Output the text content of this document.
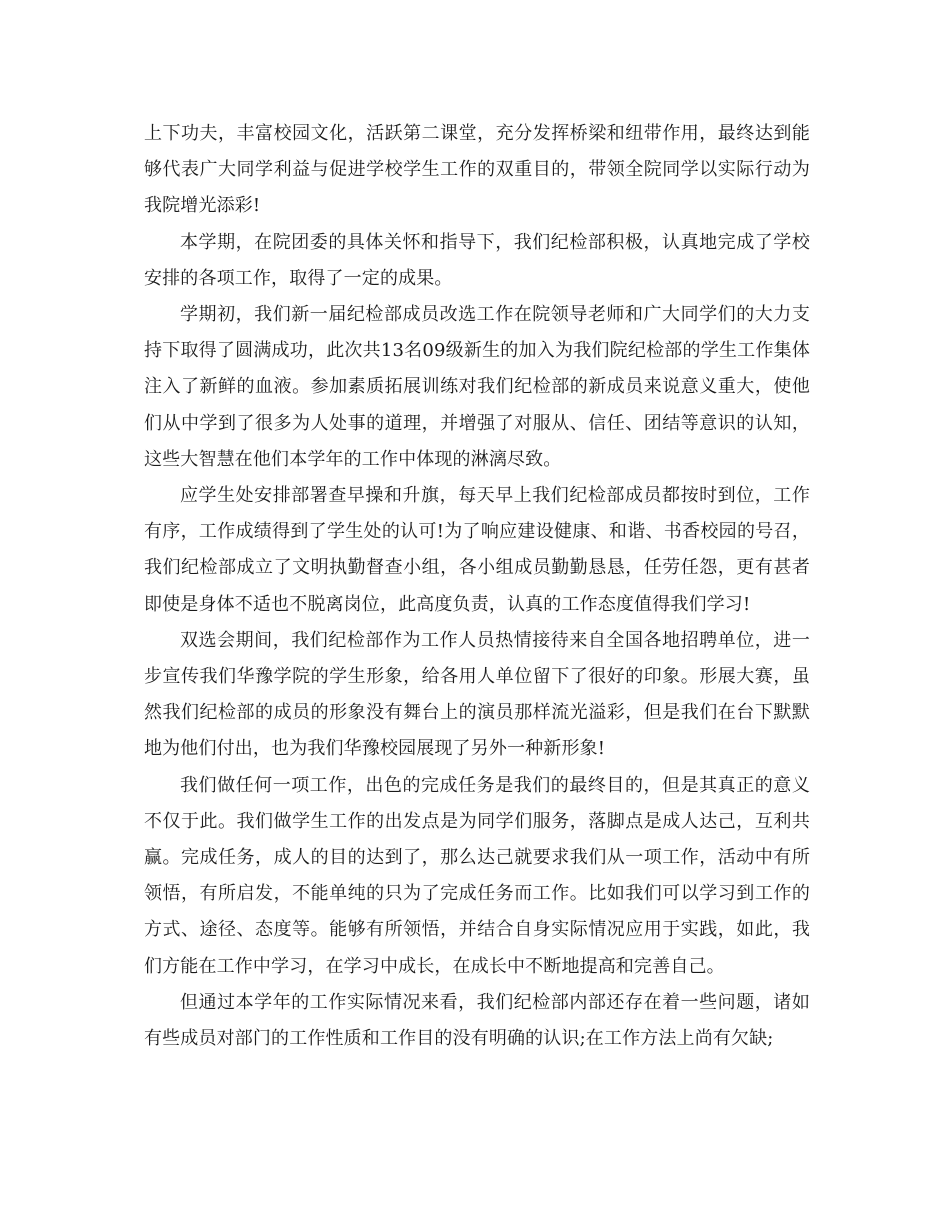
上下功夫，丰富校园文化，活跃第二课堂，充分发挥桥梁和纽带作用，最终达到能够代表广大同学利益与促进学校学生工作的双重目的，带领全院同学以实际行动为我院增光添彩!

本学期，在院团委的具体关怀和指导下，我们纪检部积极，认真地完成了学校安排的各项工作，取得了一定的成果。

学期初，我们新一届纪检部成员改选工作在院领导老师和广大同学们的大力支持下取得了圆满成功，此次共13名09级新生的加入为我们院纪检部的学生工作集体注入了新鲜的血液。参加素质拓展训练对我们纪检部的新成员来说意义重大，使他们从中学到了很多为人处事的道理，并增强了对服从、信任、团结等意识的认知，这些大智慧在他们本学年的工作中体现的淋漓尽致。

应学生处安排部署查早操和升旗，每天早上我们纪检部成员都按时到位，工作有序，工作成绩得到了学生处的认可!为了响应建设健康、和谐、书香校园的号召，我们纪检部成立了文明执勤督查小组，各小组成员勤勤恳恳，任劳任怨，更有甚者即使是身体不适也不脱离岗位，此高度负责，认真的工作态度值得我们学习!

双选会期间，我们纪检部作为工作人员热情接待来自全国各地招聘单位，进一步宣传我们华豫学院的学生形象，给各用人单位留下了很好的印象。形展大赛，虽然我们纪检部的成员的形象没有舞台上的演员那样流光溢彩，但是我们在台下默默地为他们付出，也为我们华豫校园展现了另外一种新形象!

我们做任何一项工作，出色的完成任务是我们的最终目的，但是其真正的意义不仅于此。我们做学生工作的出发点是为同学们服务，落脚点是成人达己，互利共赢。完成任务，成人的目的达到了，那么达己就要求我们从一项工作，活动中有所领悟，有所启发，不能单纯的只为了完成任务而工作。比如我们可以学习到工作的方式、途径、态度等。能够有所领悟，并结合自身实际情况应用于实践，如此，我们方能在工作中学习，在学习中成长，在成长中不断地提高和完善自己。

但通过本学年的工作实际情况来看，我们纪检部内部还存在着一些问题，诸如有些成员对部门的工作性质和工作目的没有明确的认识;在工作方法上尚有欠缺;
